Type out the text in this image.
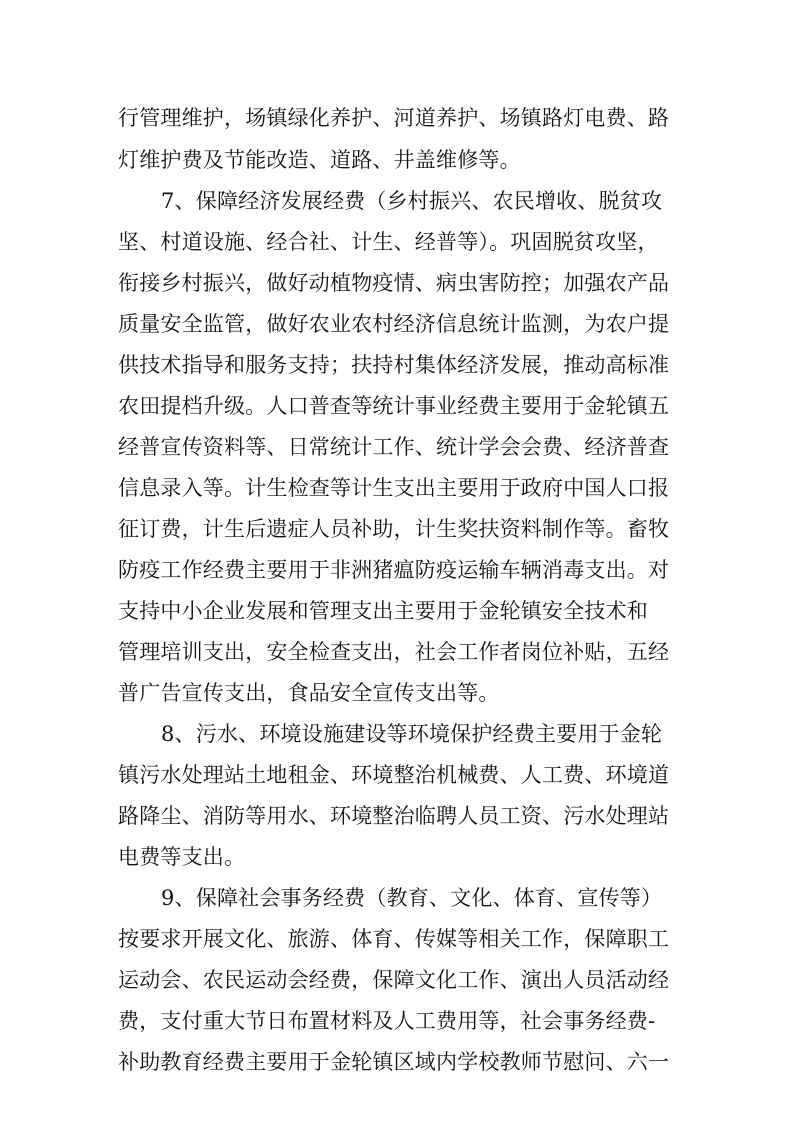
行管理维护，场镇绿化养护、河道养护、场镇路灯电费、路
灯维护费及节能改造、道路、井盖维修等。
7、保障经济发展经费（乡村振兴、农民增收、脱贫攻
坚、村道设施、经合社、计生、经普等）。巩固脱贫攻坚，
衔接乡村振兴，做好动植物疫情、病虫害防控；加强农产品
质量安全监管，做好农业农村经济信息统计监测，为农户提
供技术指导和服务支持；扶持村集体经济发展，推动高标准
农田提档升级。人口普查等统计事业经费主要用于金轮镇五
经普宣传资料等、日常统计工作、统计学会会费、经济普查
信息录入等。计生检查等计生支出主要用于政府中国人口报
征订费，计生后遗症人员补助，计生奖扶资料制作等。畜牧
防疫工作经费主要用于非洲猪瘟防疫运输车辆消毒支出。对
支持中小企业发展和管理支出主要用于金轮镇安全技术和
管理培训支出，安全检查支出，社会工作者岗位补贴，五经
普广告宣传支出，食品安全宣传支出等。
8、污水、环境设施建设等环境保护经费主要用于金轮
镇污水处理站土地租金、环境整治机械费、人工费、环境道
路降尘、消防等用水、环境整治临聘人员工资、污水处理站
电费等支出。
9、保障社会事务经费（教育、文化、体育、宣传等）
按要求开展文化、旅游、体育、传媒等相关工作，保障职工
运动会、农民运动会经费，保障文化工作、演出人员活动经
费，支付重大节日布置材料及人工费用等，社会事务经费-
补助教育经费主要用于金轮镇区域内学校教师节慰问、六一
